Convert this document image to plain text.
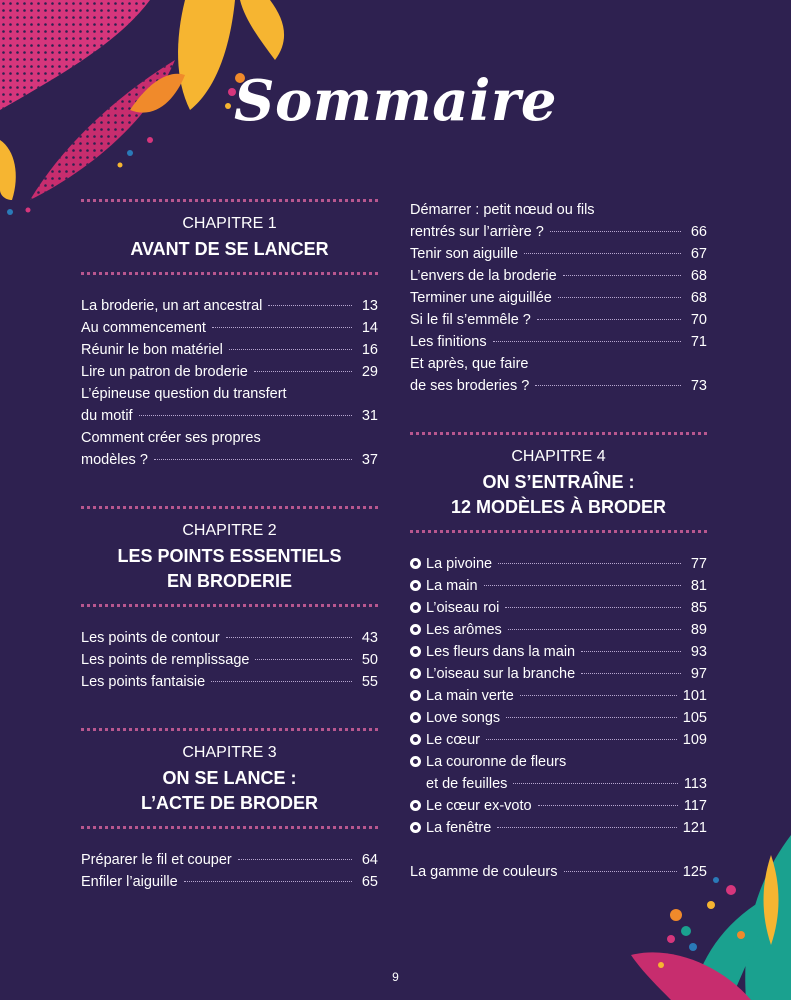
Sommaire
CHAPITRE 1
AVANT DE SE LANCER
La broderie, un art ancestral	13
Au commencement	14
Réunir le bon matériel	16
Lire un patron de broderie	29
L’épineuse question du transfert
du motif	31
Comment créer ses propres
modèles ?	37
CHAPITRE 2
LES POINTS ESSENTIELS
EN BRODERIE
Les points de contour	43
Les points de remplissage	50
Les points fantaisie	55
CHAPITRE 3
ON SE LANCE :
L’ACTE DE BRODER
Préparer le fil et couper	64
Enfiler l’aiguille	65
Démarrer : petit nœud ou fils
rentrés sur l’arrière ?	66
Tenir son aiguille	67
L’envers de la broderie	68
Terminer une aiguillée	68
Si le fil s’emmêle ?	70
Les finitions	71
Et après, que faire
de ses broderies ?	73
CHAPITRE 4
ON S’ENTRAÎNE :
12 MODÈLES À BRODER
La pivoine	77
La main	81
L’oiseau roi	85
Les arômes	89
Les fleurs dans la main	93
L’oiseau sur la branche	97
La main verte	101
Love songs	105
Le cœur	109
La couronne de fleurs
et de feuilles	113
Le cœur ex-voto	117
La fenêtre	121
La gamme de couleurs	125
9
